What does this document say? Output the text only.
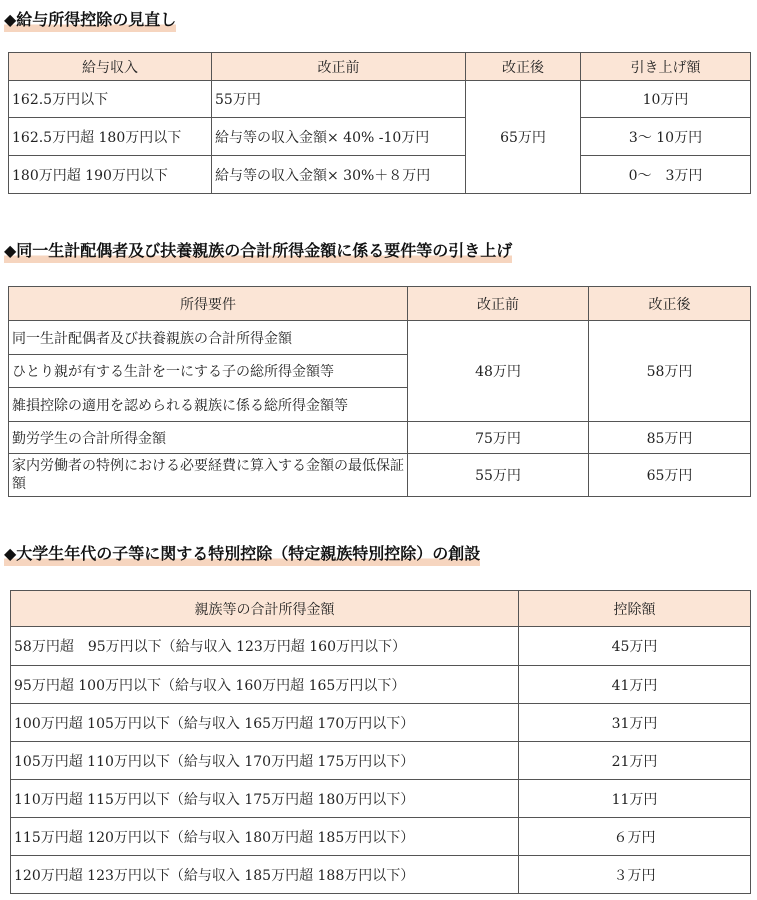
◆給与所得控除の見直し
給与収入	改正前	改正後	引き上げ額
162.5万円以下	55万円	65万円	10万円
162.5万円超 180万円以下	給与等の収入金額× 40% -10万円		3～ 10万円
180万円超 190万円以下	給与等の収入金額× 30%＋８万円		0～　3万円
◆同一生計配偶者及び扶養親族の合計所得金額に係る要件等の引き上げ
所得要件	改正前	改正後
同一生計配偶者及び扶養親族の合計所得金額	48万円	58万円
ひとり親が有する生計を一にする子の総所得金額等		
雑損控除の適用を認められる親族に係る総所得金額等		
勤労学生の合計所得金額	75万円	85万円
家内労働者の特例における必要経費に算入する金額の最低保証額	55万円	65万円
◆大学生年代の子等に関する特別控除（特定親族特別控除）の創設
親族等の合計所得金額	控除額
58万円超　95万円以下（給与収入 123万円超 160万円以下）	45万円
95万円超 100万円以下（給与収入 160万円超 165万円以下）	41万円
100万円超 105万円以下（給与収入 165万円超 170万円以下）	31万円
105万円超 110万円以下（給与収入 170万円超 175万円以下）	21万円
110万円超 115万円以下（給与収入 175万円超 180万円以下）	11万円
115万円超 120万円以下（給与収入 180万円超 185万円以下）	６万円
120万円超 123万円以下（給与収入 185万円超 188万円以下）	３万円
